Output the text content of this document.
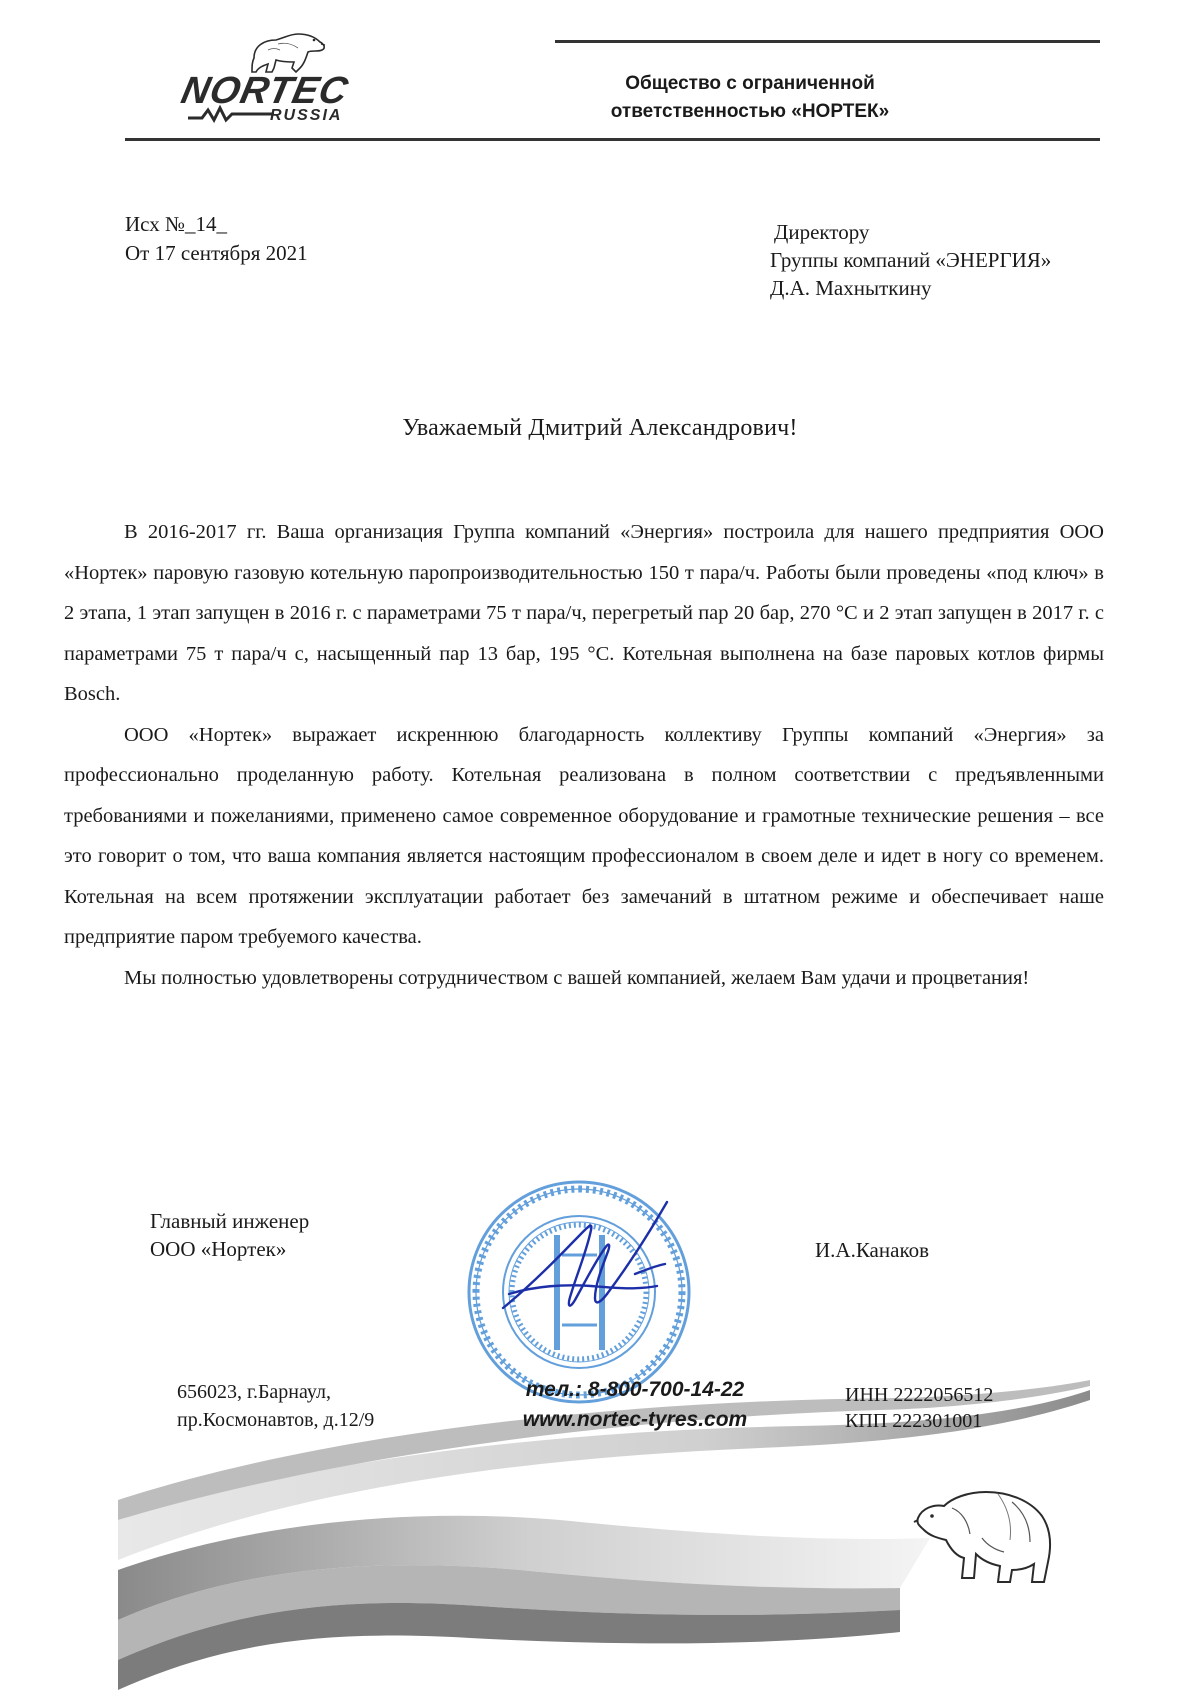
NORTEC
RUSSIA
Общество с ограниченной
ответственностью «НОРТЕК»
Исх №_14_
От 17 сентября 2021
Директору
Группы компаний «ЭНЕРГИЯ»
Д.А. Махныткину
Уважаемый Дмитрий Александрович!

В 2016-2017 гг. Ваша организация Группа компаний «Энергия» построила для нашего предприятия ООО «Нортек» паровую газовую котельную паропроизводительностью 150 т пара/ч. Работы были проведены «под ключ» в 2 этапа, 1 этап запущен в 2016 г. с параметрами 75 т пара/ч, перегретый пар 20 бар, 270 °С и 2 этап запущен в 2017 г. с параметрами 75 т пара/ч с, насыщенный пар 13 бар, 195 °С. Котельная выполнена на базе паровых котлов фирмы Bosch.

ООО «Нортек» выражает искреннюю благодарность коллективу Группы компаний «Энергия» за профессионально проделанную работу. Котельная реализована в полном соответствии с предъявленными требованиями и пожеланиями, применено самое современное оборудование и грамотные технические решения – все это говорит о том, что ваша компания является настоящим профессионалом в своем деле и идет в ногу со временем. Котельная на всем протяжении эксплуатации работает без замечаний в штатном режиме и обеспечивает наше предприятие паром требуемого качества.

Мы полностью удовлетворены сотрудничеством с вашей компанией, желаем Вам удачи и процветания!

Главный инженер
ООО «Нортек»	И.А.Канаков
656023, г.Барнаул,
пр.Космонавтов, д.12/9
тел.: 8-800-700-14-22
www.nortec-tyres.com
ИНН 2222056512
КПП 222301001
